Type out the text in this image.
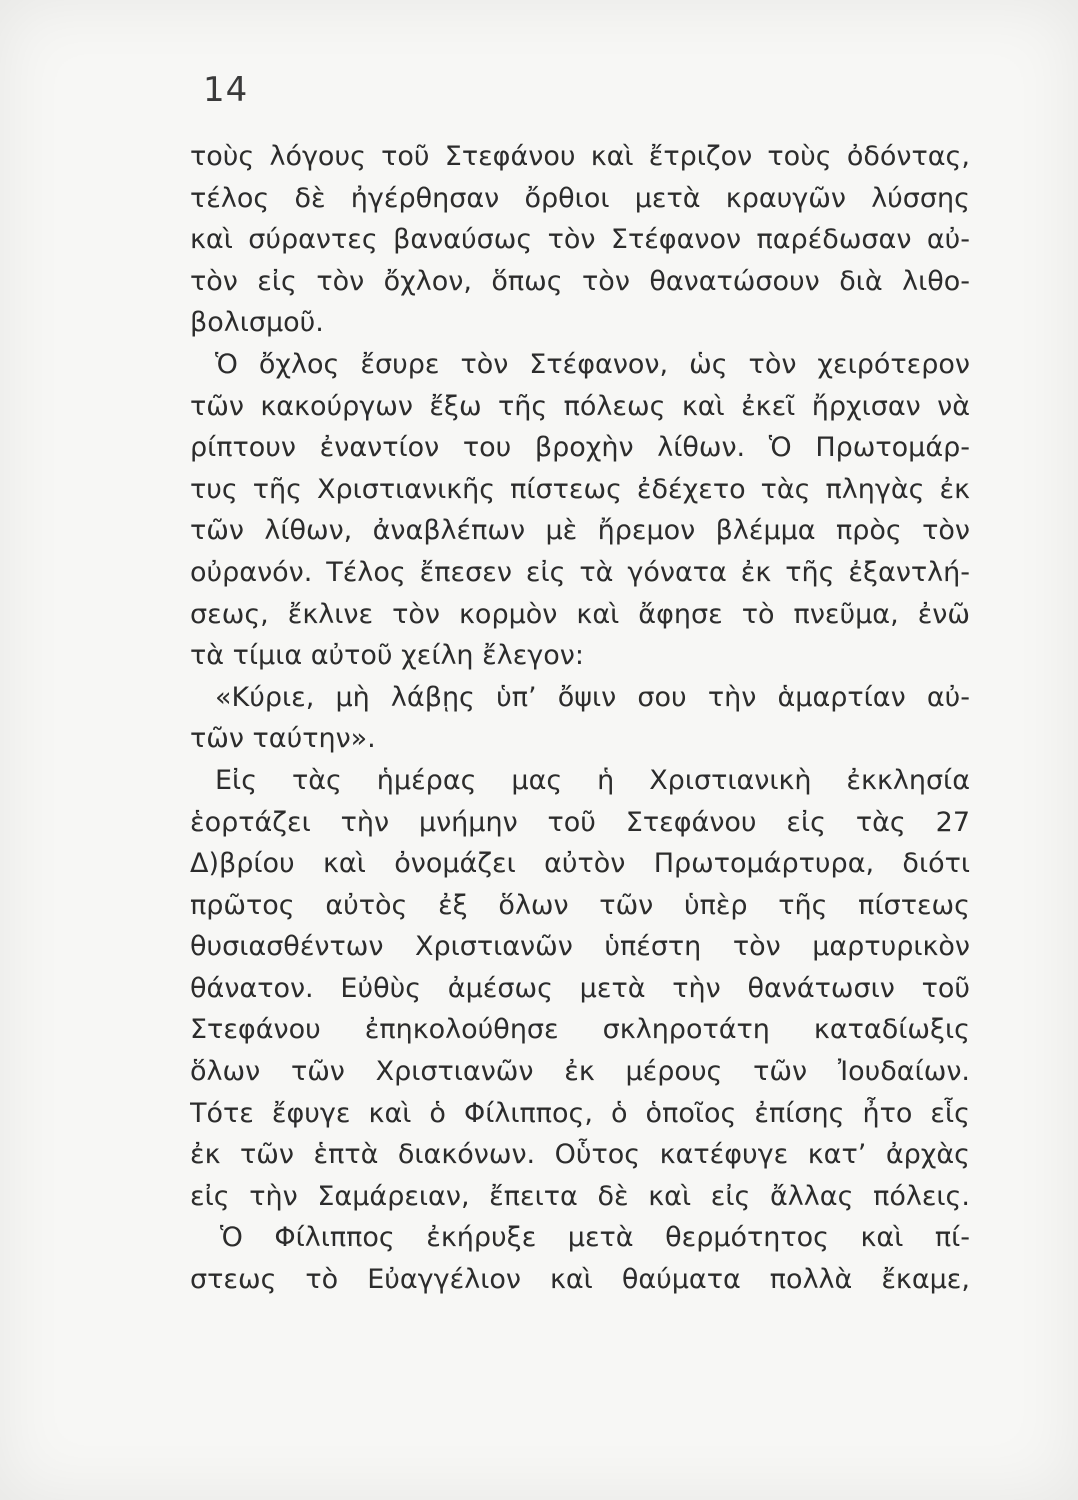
14
τοὺς λόγους τοῦ Στεφάνου καὶ ἔτριζον τοὺς ὀδόντας,
τέλος δὲ ἠγέρθησαν ὄρθιοι μετὰ κραυγῶν λύσσης
καὶ σύραντες βαναύσως τὸν Στέφανον παρέδωσαν αὐ-
τὸν εἰς τὸν ὄχλον, ὅπως τὸν θανατώσουν διὰ λιθο-
βολισμοῦ.
Ὁ ὄχλος ἔσυρε τὸν Στέφανον, ὡς τὸν χειρότερον
τῶν κακούργων ἔξω τῆς πόλεως καὶ ἐκεῖ ἤρχισαν νὰ
ρίπτουν ἐναντίον του βροχὴν λίθων. Ὁ Πρωτομάρ-
τυς τῆς Χριστιανικῆς πίστεως ἐδέχετο τὰς πληγὰς ἐκ
τῶν λίθων, ἀναβλέπων μὲ ἤρεμον βλέμμα πρὸς τὸν
οὐρανόν. Τέλος ἔπεσεν εἰς τὰ γόνατα ἐκ τῆς ἐξαντλή-
σεως, ἔκλινε τὸν κορμὸν καὶ ἄφησε τὸ πνεῦμα, ἐνῶ
τὰ τίμια αὐτοῦ χείλη ἔλεγον:
«Κύριε, μὴ λάβῃς ὑπ’ ὄψιν σου τὴν ἁμαρτίαν αὐ-
τῶν ταύτην».
Εἰς τὰς ἡμέρας μας ἡ Χριστιανικὴ ἐκκλησία
ἑορτάζει τὴν μνήμην τοῦ Στεφάνου εἰς τὰς 27
Δ)βρίου καὶ ὀνομάζει αὐτὸν Πρωτομάρτυρα, διότι
πρῶτος αὐτὸς ἐξ ὅλων τῶν ὑπὲρ τῆς πίστεως
θυσιασθέντων Χριστιανῶν ὑπέστη τὸν μαρτυρικὸν
θάνατον. Εὐθὺς ἀμέσως μετὰ τὴν θανάτωσιν τοῦ
Στεφάνου ἐπηκολούθησε σκληροτάτη καταδίωξις
ὅλων τῶν Χριστιανῶν ἐκ μέρους τῶν Ἰουδαίων.
Τότε ἔφυγε καὶ ὁ Φίλιππος, ὁ ὁποῖος ἐπίσης ἦτο εἷς
ἐκ τῶν ἑπτὰ διακόνων. Οὗτος κατέφυγε κατ’ ἀρχὰς
εἰς τὴν Σαμάρειαν, ἔπειτα δὲ καὶ εἰς ἄλλας πόλεις.
Ὁ Φίλιππος ἐκήρυξε μετὰ θερμότητος καὶ πί-
στεως τὸ Εὐαγγέλιον καὶ θαύματα πολλὰ ἔκαμε,
